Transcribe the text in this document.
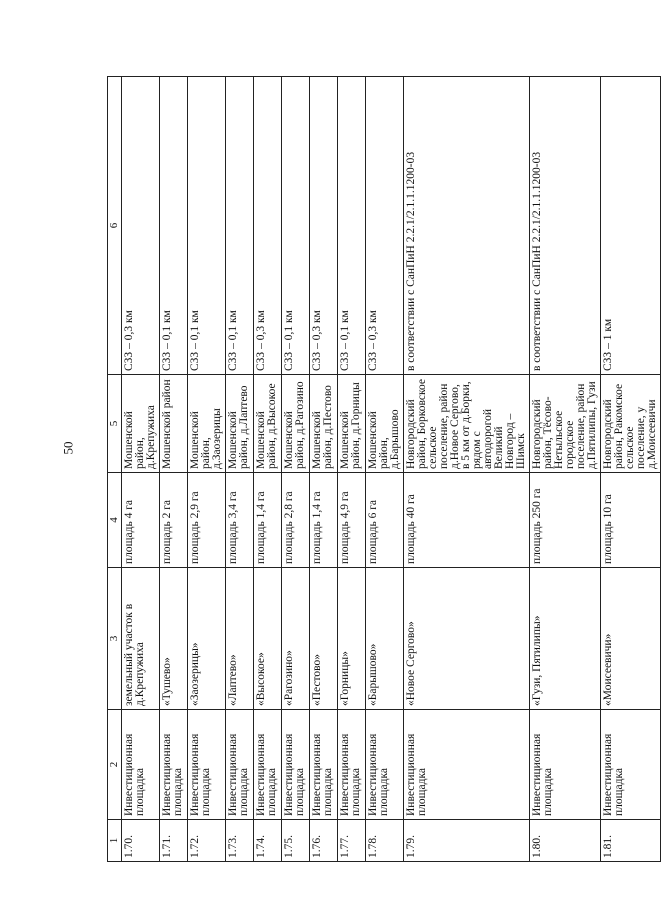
50
1	2	3	4	5	6
1.70.	Инвестиционная площадка	земельный участок в д.Крепужиха	площадь 4 га	Мошенской район, д.Крепужиха	СЗЗ – 0,3 км
1.71.	Инвестиционная площадка	«Тушево»	площадь 2 га	Мошенской район	СЗЗ – 0,1 км
1.72.	Инвестиционная площадка	«Заозерицы»	площадь 2,9 га	Мошенской район, д.Заозерицы	СЗЗ – 0,1 км
1.73.	Инвестиционная площадка	«Лаптево»	площадь 3,4 га	Мошенской район, д.Лаптево	СЗЗ – 0,1 км
1.74.	Инвестиционная площадка	«Высокое»	площадь 1,4 га	Мошенской район, д.Высокое	СЗЗ – 0,3 км
1.75.	Инвестиционная площадка	«Рагозино»	площадь 2,8 га	Мошенской район, д.Рагозино	СЗЗ – 0,1 км
1.76.	Инвестиционная площадка	«Пестово»	площадь 1,4 га	Мошенской район, д.Пестово	СЗЗ – 0,3 км
1.77.	Инвестиционная площадка	«Горницы»	площадь 4,9 га	Мошенской район, д.Горницы	СЗЗ – 0,1 км
1.78.	Инвестиционная площадка	«Барышово»	площадь 6 га	Мошенской район, д.Барышово	СЗЗ – 0,3 км
1.79.	Инвестиционная площадка	«Новое Сергово»	площадь 40 га	Новгородский район, Борковское сельское поселение, район д.Новое Сергово, в 5 км от д.Борки, рядом с автодорогой Великий Новгород – Шимск	в соответствии с СанПиН 2.2.1/2.1.1.1200-03
1.80.	Инвестиционная площадка	«Гузи, Пятилипы»	площадь 250 га	Новгородский район, Тёсово-Нетыльское городское поселение, район д.Пятилипы, Гузи	в соответствии с СанПиН 2.2.1/2.1.1.1200-03
1.81.	Инвестиционная площадка	«Моисеевичи»	площадь 10 га	Новгородский район, Ракомское сельское поселение, у д.Моисеевичи	СЗЗ – 1 км
